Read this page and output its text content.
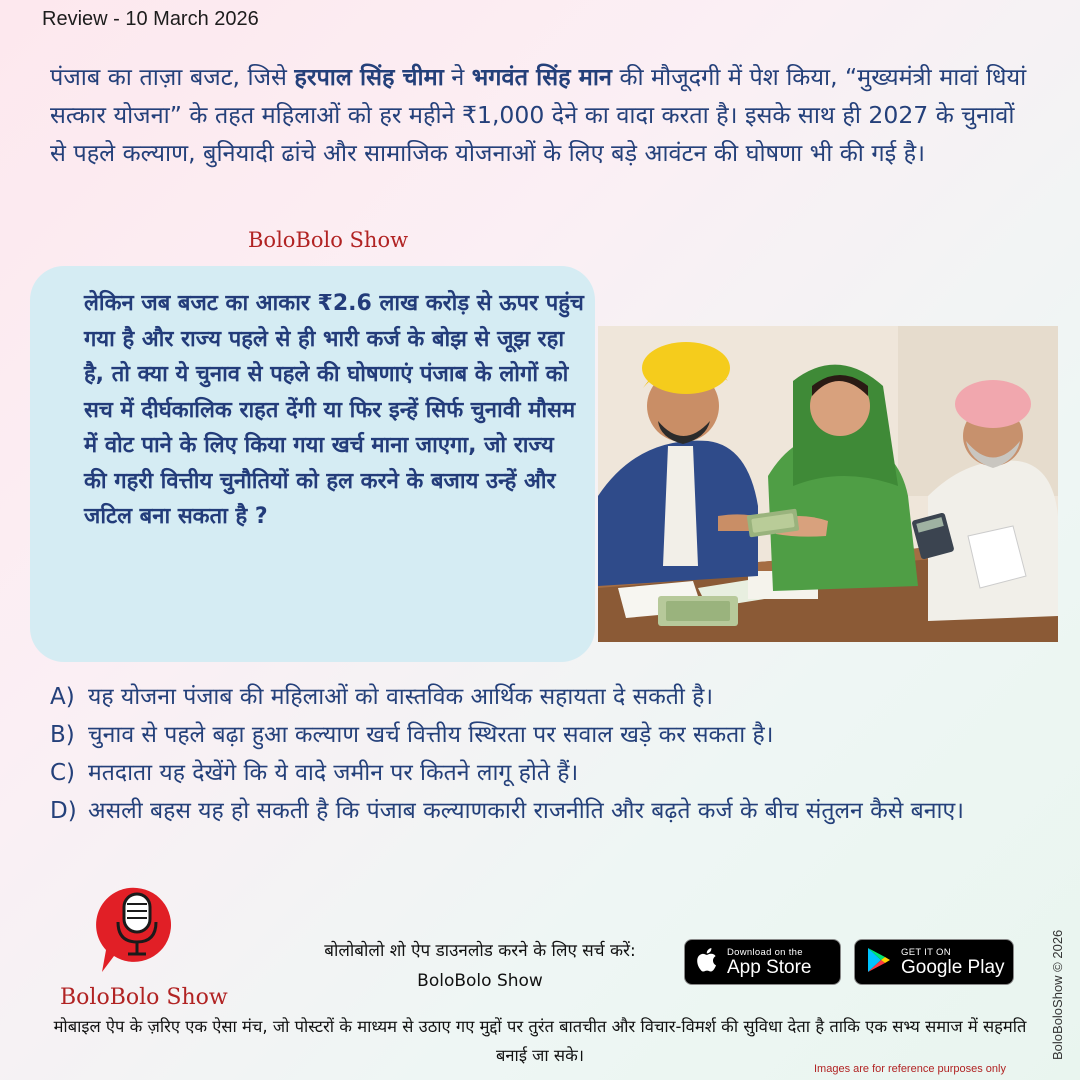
Review - 10 March 2026
पंजाब का ताज़ा बजट, जिसे हरपाल सिंह चीमा ने भगवंत सिंह मान की मौजूदगी में पेश किया, “मुख्यमंत्री मावां धियां सत्कार योजना” के तहत महिलाओं को हर महीने ₹1,000 देने का वादा करता है। इसके साथ ही 2027 के चुनावों से पहले कल्याण, बुनियादी ढांचे और सामाजिक योजनाओं के लिए बड़े आवंटन की घोषणा भी की गई है।
BoloBolo Show
लेकिन जब बजट का आकार ₹2.6 लाख करोड़ से ऊपर पहुंच गया है और राज्य पहले से ही भारी कर्ज के बोझ से जूझ रहा है, तो क्या ये चुनाव से पहले की घोषणाएं पंजाब के लोगों को सच में दीर्घकालिक राहत देंगी या फिर इन्हें सिर्फ चुनावी मौसम में वोट पाने के लिए किया गया खर्च माना जाएगा, जो राज्य की गहरी वित्तीय चुनौतियों को हल करने के बजाय उन्हें और जटिल बना सकता है ?
A) यह योजना पंजाब की महिलाओं को वास्तविक आर्थिक सहायता दे सकती है।
B) चुनाव से पहले बढ़ा हुआ कल्याण खर्च वित्तीय स्थिरता पर सवाल खड़े कर सकता है।
C) मतदाता यह देखेंगे कि ये वादे जमीन पर कितने लागू होते हैं।
D) असली बहस यह हो सकती है कि पंजाब कल्याणकारी राजनीति और बढ़ते कर्ज के बीच संतुलन कैसे बनाए।
BoloBolo Show
बोलोबोलो शो ऐप डाउनलोड करने के लिए सर्च करें:
BoloBolo Show
Download on the
App Store
GET IT ON
Google Play
मोबाइल ऐप के ज़रिए एक ऐसा मंच, जो पोस्टरों के माध्यम से उठाए गए मुद्दों पर तुरंत बातचीत और विचार-विमर्श की सुविधा देता है ताकि एक सभ्य समाज में सहमति बनाई जा सके।	BoloBoloShow © 2026
Images are for reference purposes only
